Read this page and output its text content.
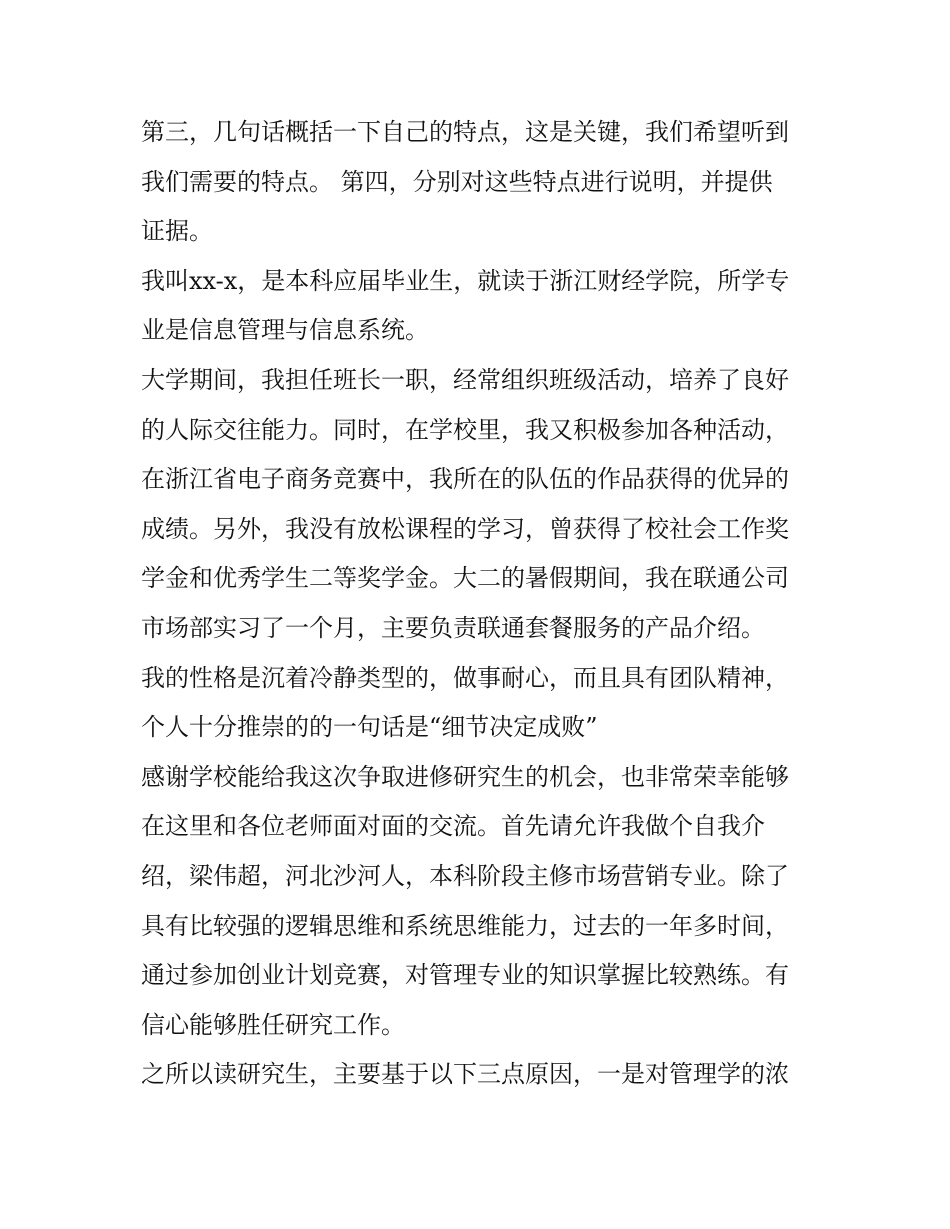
第三，几句话概括一下自己的特点，这是关键，我们希望听到
我们需要的特点。 第四，分别对这些特点进行说明，并提供
证据。
我叫xx-x，是本科应届毕业生，就读于浙江财经学院，所学专
业是信息管理与信息系统。
大学期间，我担任班长一职，经常组织班级活动，培养了良好
的人际交往能力。同时，在学校里，我又积极参加各种活动，
在浙江省电子商务竞赛中，我所在的队伍的作品获得的优异的
成绩。另外，我没有放松课程的学习，曾获得了校社会工作奖
学金和优秀学生二等奖学金。大二的暑假期间，我在联通公司
市场部实习了一个月，主要负责联通套餐服务的产品介绍。
我的性格是沉着冷静类型的，做事耐心，而且具有团队精神，
个人十分推崇的的一句话是“细节决定成败”
感谢学校能给我这次争取进修研究生的机会，也非常荣幸能够
在这里和各位老师面对面的交流。首先请允许我做个自我介
绍，梁伟超，河北沙河人，本科阶段主修市场营销专业。除了
具有比较强的逻辑思维和系统思维能力，过去的一年多时间，
通过参加创业计划竞赛，对管理专业的知识掌握比较熟练。有
信心能够胜任研究工作。
之所以读研究生，主要基于以下三点原因，一是对管理学的浓
